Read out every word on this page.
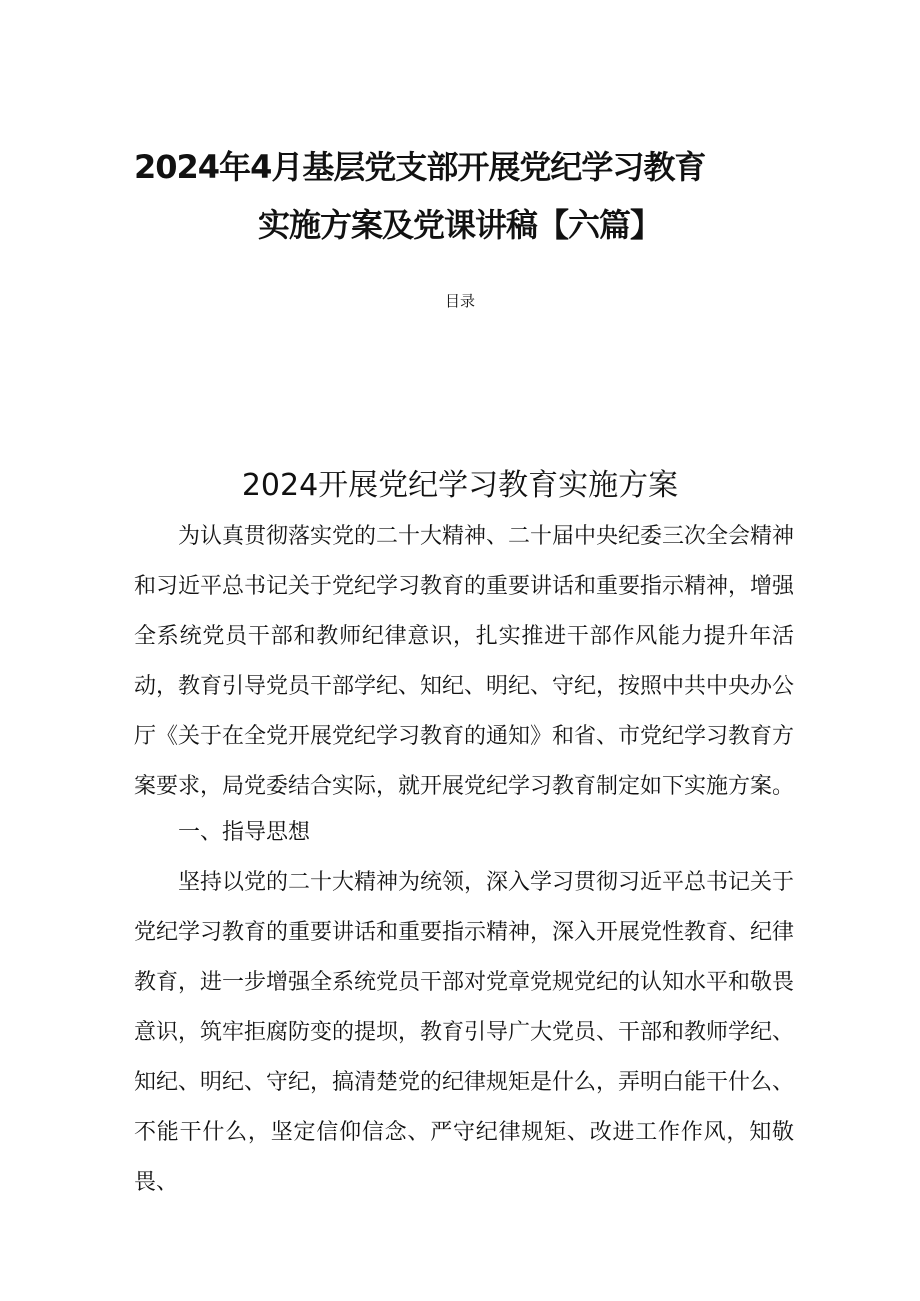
2024年4月基层党支部开展党纪学习教育
实施方案及党课讲稿【六篇】
目录
2024开展党纪学习教育实施方案
为认真贯彻落实党的二十大精神、二十届中央纪委三次全会精神和习近平总书记关于党纪学习教育的重要讲话和重要指示精神，增强全系统党员干部和教师纪律意识，扎实推进干部作风能力提升年活动，教育引导党员干部学纪、知纪、明纪、守纪，按照中共中央办公厅《关于在全党开展党纪学习教育的通知》和省、市党纪学习教育方案要求，局党委结合实际，就开展党纪学习教育制定如下实施方案。
一、指导思想
坚持以党的二十大精神为统领，深入学习贯彻习近平总书记关于党纪学习教育的重要讲话和重要指示精神，深入开展党性教育、纪律教育，进一步增强全系统党员干部对党章党规党纪的认知水平和敬畏意识，筑牢拒腐防变的提坝，教育引导广大党员、干部和教师学纪、知纪、明纪、守纪，搞清楚党的纪律规矩是什么，弄明白能干什么、不能干什么，坚定信仰信念、严守纪律规矩、改进工作作风，知敬畏、
